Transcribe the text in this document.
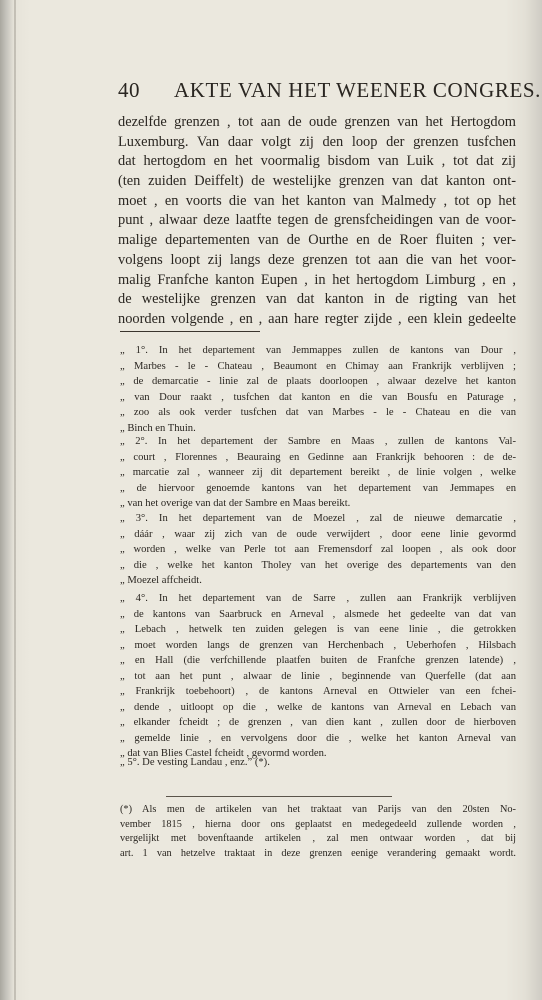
40 AKTE VAN HET WEENER CONGRES.
dezelfde grenzen , tot aan de oude grenzen van het Hertogdom
Luxemburg. Van daar volgt zij den loop der grenzen tusfchen
dat hertogdom en het voormalig bisdom van Luik , tot dat zij
(ten zuiden Deiffelt) de westelijke grenzen van dat kanton ont-
moet , en voorts die van het kanton van Malmedy , tot op het
punt , alwaar deze laatfte tegen de grensfcheidingen van de voor-
malige departementen van de Ourthe en de Roer fluiten ; ver-
volgens loopt zij langs deze grenzen tot aan die van het voor-
malig Franfche kanton Eupen , in het hertogdom Limburg , en ,
de westelijke grenzen van dat kanton in de rigting van het
noorden volgende , en , aan hare regter zijde , een klein gedeelte
„ 1°. In het departement van Jemmappes zullen de kantons van Dour ,
„ Marbes - le - Chateau , Beaumont en Chimay aan Frankrijk verblijven ;
„ de demarcatie - linie zal de plaats doorloopen , alwaar dezelve het kanton
„ van Dour raakt , tusfchen dat kanton en die van Bousfu en Paturage ,
„ zoo als ook verder tusfchen dat van Marbes - le - Chateau en die van
„ Binch en Thuin.
„ 2°. In het departement der Sambre en Maas , zullen de kantons Val-
„ court , Florennes , Beauraing en Gedinne aan Frankrijk behooren : de de-
„ marcatie zal , wanneer zij dit departement bereikt , de linie volgen , welke
„ de hiervoor genoemde kantons van het departement van Jemmapes en
„ van het overige van dat der Sambre en Maas bereikt.
„ 3°. In het departement van de Moezel , zal de nieuwe demarcatie ,
„ dáár , waar zij zich van de oude verwijdert , door eene linie gevormd
„ worden , welke van Perle tot aan Fremensdorf zal loopen , als ook door
„ die , welke het kanton Tholey van het overige des departements van den
„ Moezel affcheidt.
„ 4°. In het departement van de Sarre , zullen aan Frankrijk verblijven
„ de kantons van Saarbruck en Arneval , alsmede het gedeelte van dat van
„ Lebach , hetwelk ten zuiden gelegen is van eene linie , die getrokken
„ moet worden langs de grenzen van Herchenbach , Ueberhofen , Hilsbach
„ en Hall (die verfchillende plaatfen buiten de Franfche grenzen latende) ,
„ tot aan het punt , alwaar de linie , beginnende van Querfelle (dat aan
„ Frankrijk toebehoort) , de kantons Arneval en Ottwieler van een fchei-
„ dende , uitloopt op die , welke de kantons van Arneval en Lebach van
„ elkander fcheidt ; de grenzen , van dien kant , zullen door de hierboven
„ gemelde linie , en vervolgens door die , welke het kanton Arneval van
„ dat van Blies Castel fcheidt , gevormd worden.
„ 5°. De vesting Landau , enz.” (*).
(*) Als men de artikelen van het traktaat van Parijs van den 20sten No-
vember 1815 , hierna door ons geplaatst en medegedeeld zullende worden ,
vergelijkt met bovenftaande artikelen , zal men ontwaar worden , dat bij
art. 1 van hetzelve traktaat in deze grenzen eenige verandering gemaakt wordt.
